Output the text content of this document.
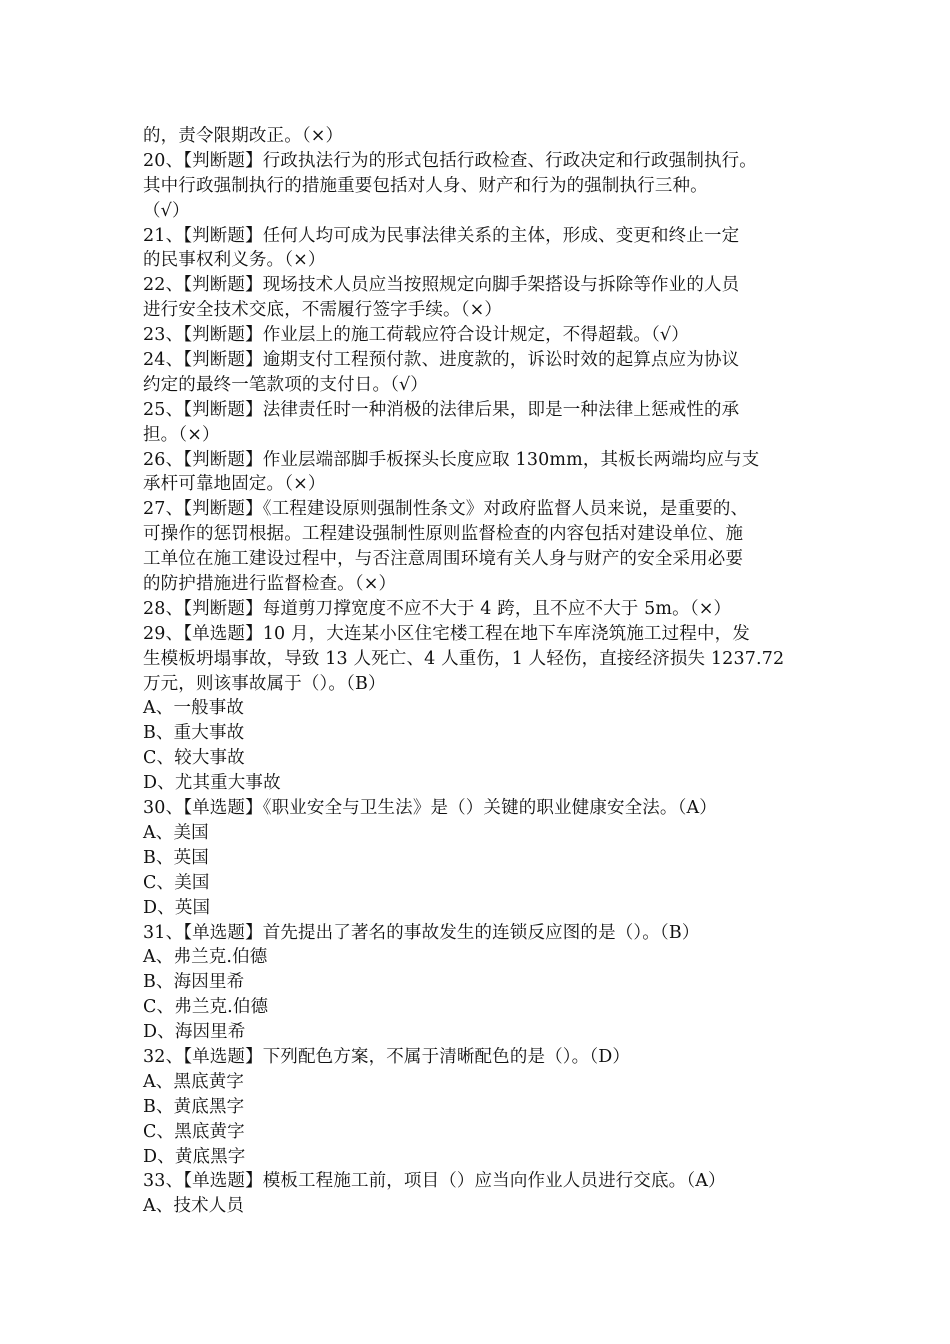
的，责令限期改正。（×）
20、【判断题】行政执法行为的形式包括行政检查、行政决定和行政强制执行。
其中行政强制执行的措施重要包括对人身、财产和行为的强制执行三种。
（√）
21、【判断题】任何人均可成为民事法律关系的主体，形成、变更和终止一定
的民事权利义务。（×）
22、【判断题】现场技术人员应当按照规定向脚手架搭设与拆除等作业的人员
进行安全技术交底，不需履行签字手续。（×）
23、【判断题】作业层上的施工荷载应符合设计规定，不得超载。（√）
24、【判断题】逾期支付工程预付款、进度款的，诉讼时效的起算点应为协议
约定的最终一笔款项的支付日。（√）
25、【判断题】法律责任时一种消极的法律后果，即是一种法律上惩戒性的承
担。（×）
26、【判断题】作业层端部脚手板探头长度应取 130mm，其板长两端均应与支
承杆可靠地固定。（×）
27、【判断题】《工程建设原则强制性条文》对政府监督人员来说，是重要的、
可操作的惩罚根据。工程建设强制性原则监督检查的内容包括对建设单位、施
工单位在施工建设过程中，与否注意周围环境有关人身与财产的安全采用必要
的防护措施进行监督检查。（×）
28、【判断题】每道剪刀撑宽度不应不大于 4 跨，且不应不大于 5m。（×）
29、【单选题】10 月，大连某小区住宅楼工程在地下车库浇筑施工过程中，发
生模板坍塌事故，导致 13 人死亡、4 人重伤，1 人轻伤，直接经济损失 1237.72
万元，则该事故属于（）。（B）
A、一般事故
B、重大事故
C、较大事故
D、尤其重大事故
30、【单选题】《职业安全与卫生法》是（）关键的职业健康安全法。（A）
A、美国
B、英国
C、美国
D、英国
31、【单选题】首先提出了著名的事故发生的连锁反应图的是（）。（B）
A、弗兰克.伯德
B、海因里希
C、弗兰克.伯德
D、海因里希
32、【单选题】下列配色方案，不属于清晰配色的是（）。（D）
A、黑底黄字
B、黄底黑字
C、黑底黄字
D、黄底黑字
33、【单选题】模板工程施工前，项目（）应当向作业人员进行交底。（A）
A、技术人员
